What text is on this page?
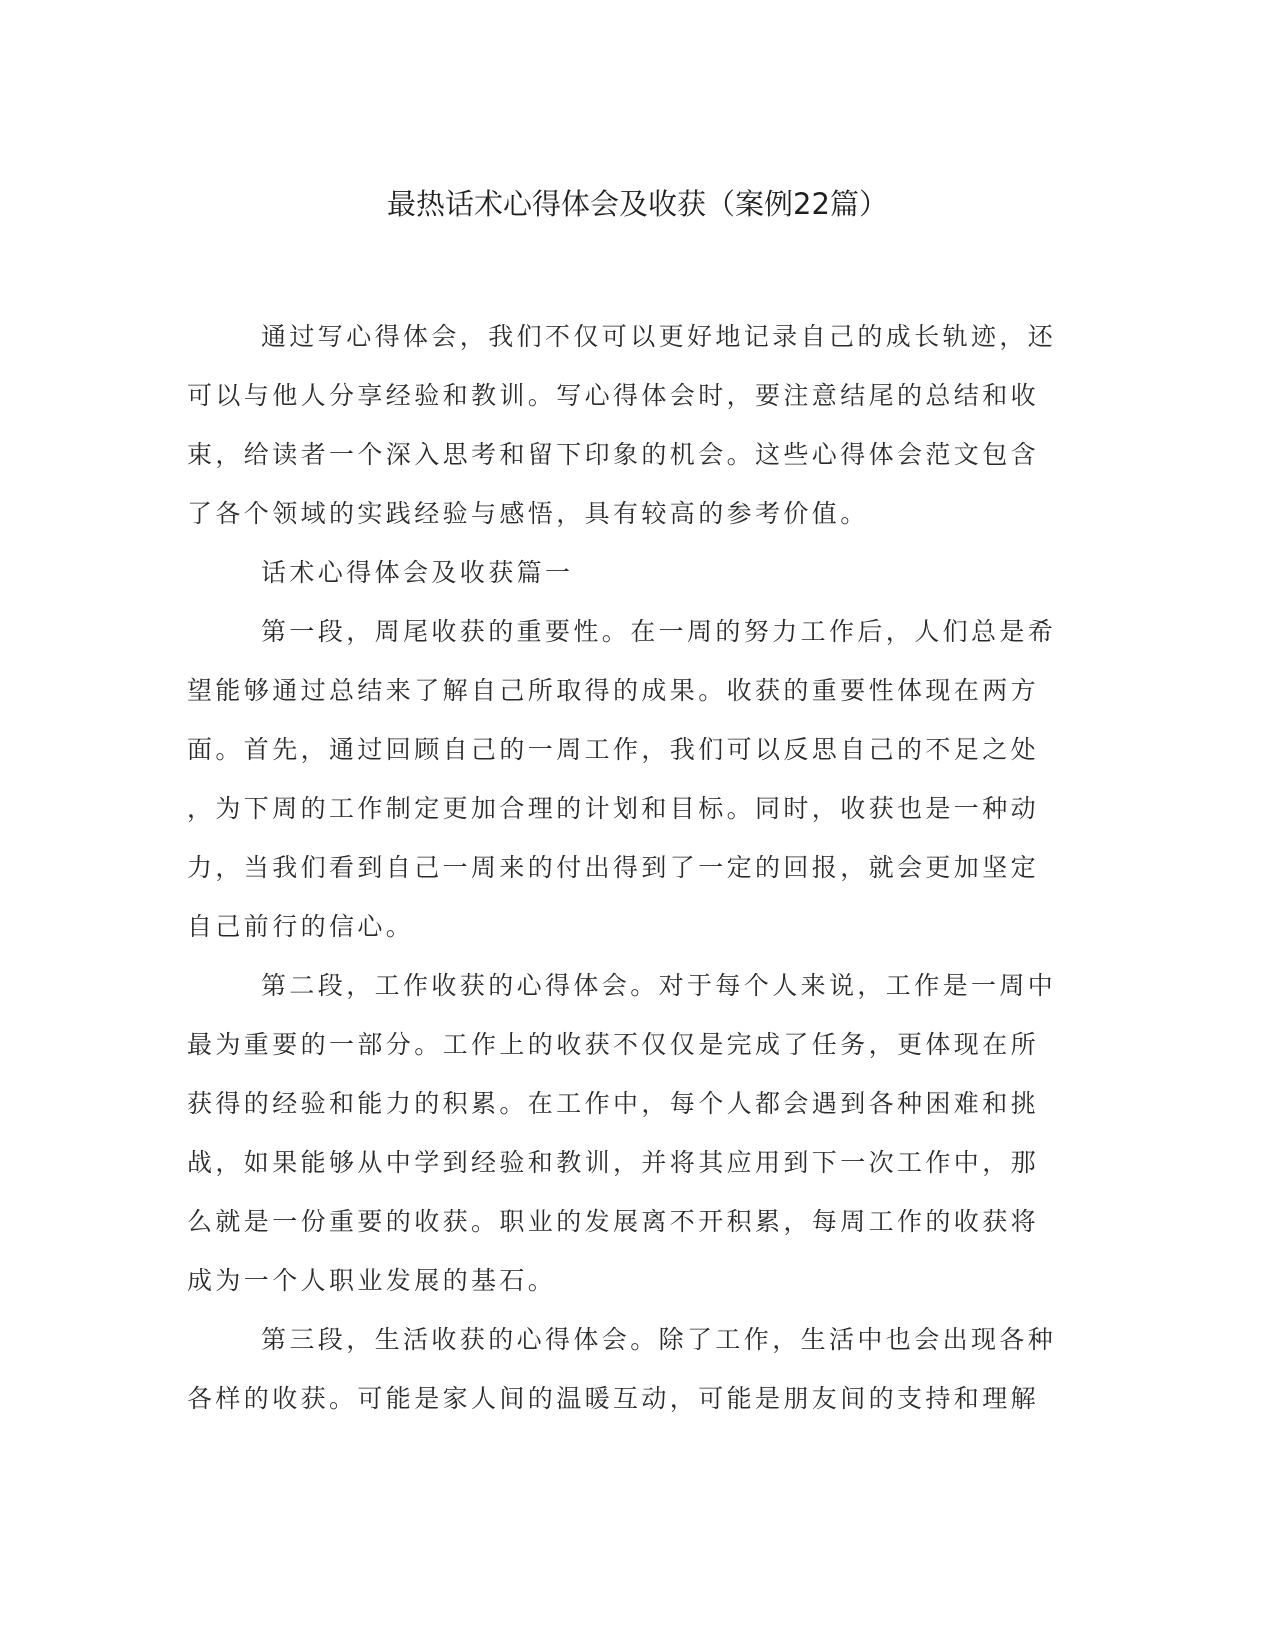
最热话术心得体会及收获（案例22篇）
通过写心得体会，我们不仅可以更好地记录自己的成长轨迹，还
可以与他人分享经验和教训。写心得体会时，要注意结尾的总结和收
束，给读者一个深入思考和留下印象的机会。这些心得体会范文包含
了各个领域的实践经验与感悟，具有较高的参考价值。
话术心得体会及收获篇一
第一段，周尾收获的重要性。在一周的努力工作后，人们总是希
望能够通过总结来了解自己所取得的成果。收获的重要性体现在两方
面。首先，通过回顾自己的一周工作，我们可以反思自己的不足之处
，为下周的工作制定更加合理的计划和目标。同时，收获也是一种动
力，当我们看到自己一周来的付出得到了一定的回报，就会更加坚定
自己前行的信心。
第二段，工作收获的心得体会。对于每个人来说，工作是一周中
最为重要的一部分。工作上的收获不仅仅是完成了任务，更体现在所
获得的经验和能力的积累。在工作中，每个人都会遇到各种困难和挑
战，如果能够从中学到经验和教训，并将其应用到下一次工作中，那
么就是一份重要的收获。职业的发展离不开积累，每周工作的收获将
成为一个人职业发展的基石。
第三段，生活收获的心得体会。除了工作，生活中也会出现各种
各样的收获。可能是家人间的温暖互动，可能是朋友间的支持和理解
